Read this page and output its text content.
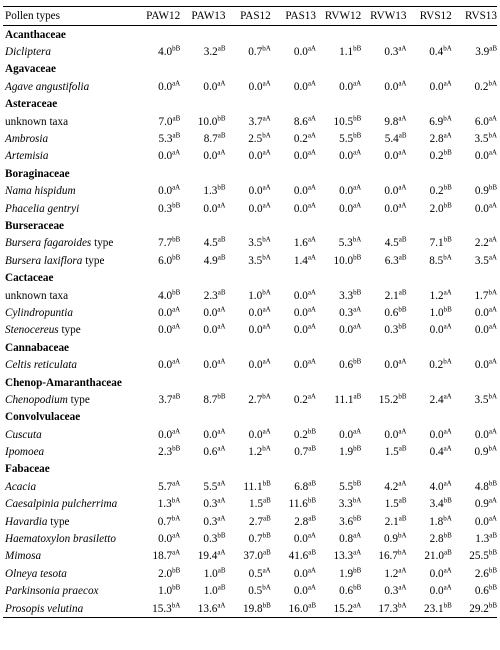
Pollen types	PAW12	PAW13	PAS12	PAS13	RVW12	RVW13	RVS12	RVS13
Acanthaceae								
Dicliptera	$4.0^{bB}$	$3.2^{aB}$	$0.7^{bA}$	$0.0^{aA}$	$1.1^{bB}$	$0.3^{aA}$	$0.4^{bA}$	$3.9^{aB}$
Agavaceae								
Agave angustifolia	$0.0^{aA}$	$0.0^{aA}$	$0.0^{aA}$	$0.0^{aA}$	$0.0^{aA}$	$0.0^{aA}$	$0.0^{aA}$	$0.2^{bA}$
Asteraceae								
unknown taxa	$7.0^{aB}$	$10.0^{bB}$	$3.7^{aA}$	$8.6^{aA}$	$10.5^{bB}$	$9.8^{aA}$	$6.9^{bA}$	$6.0^{aA}$
Ambrosia	$5.3^{aB}$	$8.7^{aB}$	$2.5^{bA}$	$0.2^{aA}$	$5.5^{bB}$	$5.4^{aB}$	$2.8^{aA}$	$3.5^{bA}$
Artemisia	$0.0^{aA}$	$0.0^{aA}$	$0.0^{aA}$	$0.0^{aA}$	$0.0^{aA}$	$0.0^{aA}$	$0.2^{bB}$	$0.0^{aA}$
Boraginaceae								
Nama hispidum	$0.0^{aA}$	$1.3^{bB}$	$0.0^{aA}$	$0.0^{aA}$	$0.0^{aA}$	$0.0^{aA}$	$0.2^{bB}$	$0.9^{bB}$
Phacelia gentryi	$0.3^{bB}$	$0.0^{aA}$	$0.0^{aA}$	$0.0^{aA}$	$0.0^{aA}$	$0.0^{aA}$	$2.0^{bB}$	$0.0^{aA}$
Burseraceae								
Bursera fagaroides type	$7.7^{bB}$	$4.5^{aB}$	$3.5^{bA}$	$1.6^{aA}$	$5.3^{bA}$	$4.5^{aB}$	$7.1^{bB}$	$2.2^{aA}$
Bursera laxiflora type	$6.0^{bB}$	$4.9^{aB}$	$3.5^{bA}$	$1.4^{aA}$	$10.0^{bB}$	$6.3^{aB}$	$8.5^{bA}$	$3.5^{aA}$
Cactaceae								
unknown taxa	$4.0^{bB}$	$2.3^{aB}$	$1.0^{bA}$	$0.0^{aA}$	$3.3^{bB}$	$2.1^{aB}$	$1.2^{aA}$	$1.7^{bA}$
Cylindropuntia	$0.0^{aA}$	$0.0^{aA}$	$0.0^{aA}$	$0.0^{aA}$	$0.3^{aA}$	$0.6^{bB}$	$1.0^{bB}$	$0.0^{aA}$
Stenocereus type	$0.0^{aA}$	$0.0^{aA}$	$0.0^{aA}$	$0.0^{aA}$	$0.0^{aA}$	$0.3^{bB}$	$0.0^{aA}$	$0.0^{aA}$
Cannabaceae								
Celtis reticulata	$0.0^{aA}$	$0.0^{aA}$	$0.0^{aA}$	$0.0^{aA}$	$0.6^{bB}$	$0.0^{aA}$	$0.2^{bA}$	$0.0^{aA}$
Chenop-Amaranthaceae								
Chenopodium type	$3.7^{aB}$	$8.7^{bB}$	$2.7^{bA}$	$0.2^{aA}$	$11.1^{aB}$	$15.2^{bB}$	$2.4^{aA}$	$3.5^{bA}$
Convolvulaceae								
Cuscuta	$0.0^{aA}$	$0.0^{aA}$	$0.0^{aA}$	$0.2^{bB}$	$0.0^{aA}$	$0.0^{aA}$	$0.0^{aA}$	$0.0^{aA}$
Ipomoea	$2.3^{bB}$	$0.6^{aA}$	$1.2^{bA}$	$0.7^{aB}$	$1.9^{bB}$	$1.5^{aB}$	$0.4^{aA}$	$0.9^{bA}$
Fabaceae								
Acacia	$5.7^{aA}$	$5.5^{aA}$	$11.1^{bB}$	$6.8^{aB}$	$5.5^{bB}$	$4.2^{aA}$	$4.0^{aA}$	$4.8^{bB}$
Caesalpinia pulcherrima	$1.3^{bA}$	$0.3^{aA}$	$1.5^{aB}$	$11.6^{bB}$	$3.3^{bA}$	$1.5^{aB}$	$3.4^{bB}$	$0.9^{aA}$
Havardia type	$0.7^{bA}$	$0.3^{aA}$	$2.7^{aB}$	$2.8^{aB}$	$3.6^{bB}$	$2.1^{aB}$	$1.8^{bA}$	$0.0^{aA}$
Haematoxylon brasiletto	$0.0^{aA}$	$0.3^{bB}$	$0.7^{bB}$	$0.0^{aA}$	$0.8^{aA}$	$0.9^{bA}$	$2.8^{bB}$	$1.3^{aB}$
Mimosa	$18.7^{aA}$	$19.4^{aA}$	$37.0^{aB}$	$41.6^{aB}$	$13.3^{aA}$	$16.7^{bA}$	$21.0^{aB}$	$25.5^{bB}$
Olneya tesota	$2.0^{bB}$	$1.0^{aB}$	$0.5^{aA}$	$0.0^{aA}$	$1.9^{bB}$	$1.2^{aA}$	$0.0^{aA}$	$2.6^{bB}$
Parkinsonia praecox	$1.0^{bB}$	$1.0^{aB}$	$0.5^{bA}$	$0.0^{aA}$	$0.6^{bB}$	$0.3^{aA}$	$0.0^{aA}$	$0.6^{bB}$
Prosopis velutina	$15.3^{bA}$	$13.6^{aA}$	$19.8^{bB}$	$16.0^{aB}$	$15.2^{aA}$	$17.3^{bA}$	$23.1^{bB}$	$29.2^{bB}$
